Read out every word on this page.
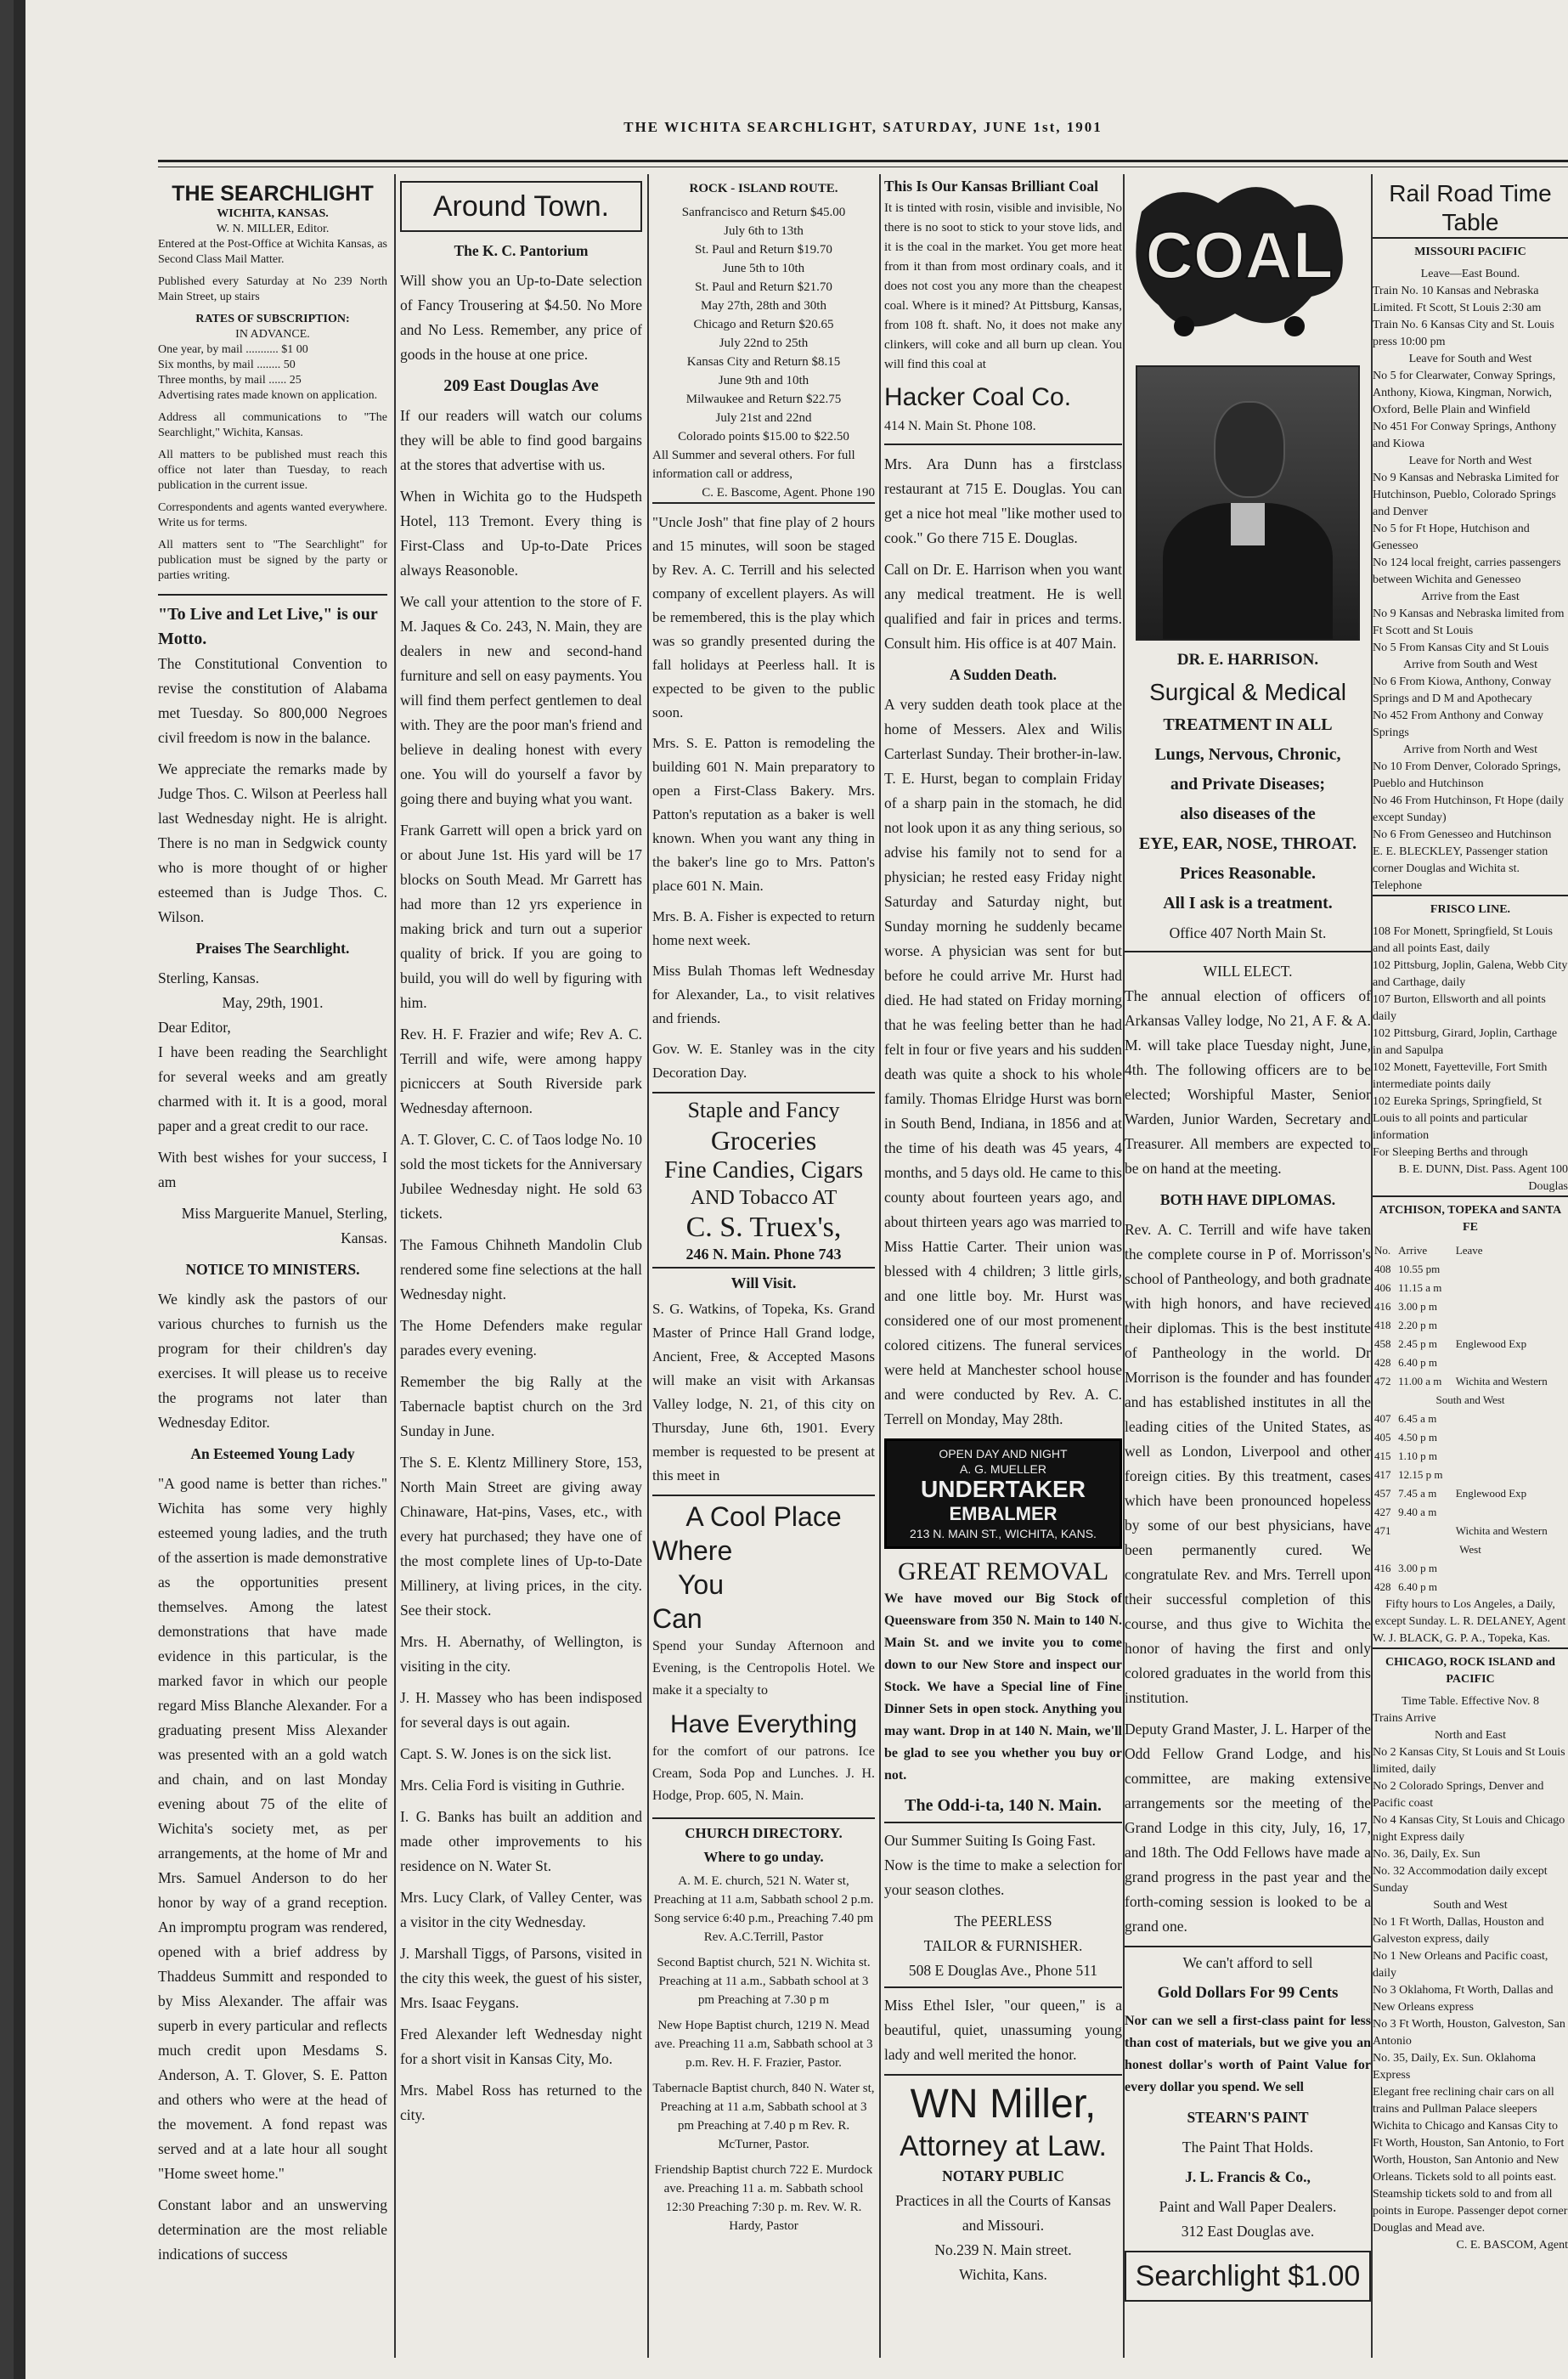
THE WICHITA SEARCHLIGHT, SATURDAY, JUNE 1st, 1901
THE SEARCHLIGHT
WICHITA, KANSAS.
W. N. MILLER, Editor.

Entered at the Post-Office at Wichita Kansas, as Second Class Mail Matter.

Published every Saturday at No 239 North Main Street, up stairs

RATES OF SUBSCRIPTION:
IN ADVANCE.
One year, by mail ........... $1 00
Six months, by mail ........ 50
Three months, by mail ...... 25

Advertising rates made known on application.

Address all communications to "The Searchlight," Wichita, Kansas.

All matters to be published must reach this office not later than Tuesday, to reach publication in the current issue.

Correspondents and agents wanted everywhere. Write us for terms.

All matters sent to "The Searchlight" for publication must be signed by the party or parties writing.

"To Live and Let Live," is our Motto.

The Constitutional Convention to revise the constitution of Alabama met Tuesday. So 800,000 Negroes civil freedom is now in the balance.

We appreciate the remarks made by Judge Thos. C. Wilson at Peerless hall last Wednesday night. He is alright. There is no man in Sedgwick county who is more thought of or higher esteemed than is Judge Thos. C. Wilson.

Praises The Searchlight.
Sterling, Kansas.
May, 29th, 1901.
Dear Editor,

I have been reading the Searchlight for several weeks and am greatly charmed with it. It is a good, moral paper and a great credit to our race.

With best wishes for your success, I am

Miss Marguerite Manuel, Sterling, Kansas.

NOTICE TO MINISTERS.

We kindly ask the pastors of our various churches to furnish us the program for their children's day exercises. It will please us to receive the programs not later than Wednesday Editor.

An Esteemed Young Lady

"A good name is better than riches." Wichita has some very highly esteemed young ladies, and the truth of the assertion is made demonstrative as the opportunities present themselves. Among the latest demonstrations that have made evidence in this particular, is the marked favor in which our people regard Miss Blanche Alexander. For a graduating present Miss Alexander was presented with an a gold watch and chain, and on last Monday evening about 75 of the elite of Wichita's society met, as per arrangements, at the home of Mr and Mrs. Samuel Anderson to do her honor by way of a grand reception. An impromptu program was rendered, opened with a brief address by Thaddeus Summitt and responded to by Miss Alexander. The affair was superb in every particular and reflects much credit upon Mesdams S. Anderson, A. T. Glover, S. E. Patton and others who were at the head of the movement. A fond repast was served and at a late hour all sought "Home sweet home."

Constant labor and an unswerving determination are the most reliable indications of success

Around Town.
The K. C. Pantorium

Will show you an Up-to-Date selection of Fancy Trousering at $4.50. No More and No Less. Remember, any price of goods in the house at one price.

209 East Douglas Ave

If our readers will watch our colums they will be able to find good bargains at the stores that advertise with us.

When in Wichita go to the Hudspeth Hotel, 113 Tremont. Every thing is First-Class and Up-to-Date Prices always Reasonoble.

We call your attention to the store of F. M. Jaques & Co. 243, N. Main, they are dealers in new and second-hand furniture and sell on easy payments. You will find them perfect gentlemen to deal with. They are the poor man's friend and believe in dealing honest with every one. You will do yourself a favor by going there and buying what you want.

Frank Garrett will open a brick yard on or about June 1st. His yard will be 17 blocks on South Mead. Mr Garrett has had more than 12 yrs experience in making brick and turn out a superior quality of brick. If you are going to build, you will do well by figuring with him.

Rev. H. F. Frazier and wife; Rev A. C. Terrill and wife, were among happy picniccers at South Riverside park Wednesday afternoon.

A. T. Glover, C. C. of Taos lodge No. 10 sold the most tickets for the Anniversary Jubilee Wednesday night. He sold 63 tickets.

The Famous Chihneth Mandolin Club rendered some fine selections at the hall Wednesday night.

The Home Defenders make regular parades every evening.

Remember the big Rally at the Tabernacle baptist church on the 3rd Sunday in June.

The S. E. Klentz Millinery Store, 153, North Main Street are giving away Chinaware, Hat-pins, Vases, etc., with every hat purchased; they have one of the most complete lines of Up-to-Date Millinery, at living prices, in the city. See their stock.

Mrs. H. Abernathy, of Wellington, is visiting in the city.

J. H. Massey who has been indisposed for several days is out again.

Capt. S. W. Jones is on the sick list.

Mrs. Celia Ford is visiting in Guthrie.

I. G. Banks has built an addition and made other improvements to his residence on N. Water St.

Mrs. Lucy Clark, of Valley Center, was a visitor in the city Wednesday.

J. Marshall Tiggs, of Parsons, visited in the city this week, the guest of his sister, Mrs. Isaac Feygans.

Fred Alexander left Wednesday night for a short visit in Kansas City, Mo.

Mrs. Mabel Ross has returned to the city.

ROCK - ISLAND ROUTE.
Sanfrancisco and Return $45.00
July 6th to 13th
St. Paul and Return $19.70
June 5th to 10th
St. Paul and Return $21.70
May 27th, 28th and 30th
Chicago and Return $20.65
July 22nd to 25th
Kansas City and Return $8.15
June 9th and 10th
Milwaukee and Return $22.75
July 21st and 22nd
Colorado points $15.00 to $22.50
All Summer and several others. For full information call or address,
C. E. Bascome, Agent. Phone 190

"Uncle Josh" that fine play of 2 hours and 15 minutes, will soon be staged by Rev. A. C. Terrill and his selected company of excellent players. As will be remembered, this is the play which was so grandly presented during the fall holidays at Peerless hall. It is expected to be given to the public soon.

Mrs. S. E. Patton is remodeling the building 601 N. Main preparatory to open a First-Class Bakery. Mrs. Patton's reputation as a baker is well known. When you want any thing in the baker's line go to Mrs. Patton's place 601 N. Main.

Mrs. B. A. Fisher is expected to return home next week.

Miss Bulah Thomas left Wednesday for Alexander, La., to visit relatives and friends.

Gov. W. E. Stanley was in the city Decoration Day.

Staple and Fancy
Groceries
Fine Candies, Cigars
AND Tobacco AT
C. S. Truex's,
246 N. Main. Phone 743
Will Visit.

S. G. Watkins, of Topeka, Ks. Grand Master of Prince Hall Grand lodge, Ancient, Free, & Accepted Masons will make an visit with Arkansas Valley lodge, N. 21, of this city on Thursday, June 6th, 1901. Every member is requested to be present at this meet in

A Cool Place
Where
You
Can

Spend your Sunday Afternoon and Evening, is the Centropolis Hotel. We make it a specialty to

Have Everything

for the comfort of our patrons. Ice Cream, Soda Pop and Lunches. J. H. Hodge, Prop. 605, N. Main.

CHURCH DIRECTORY.
Where to go unday.

A. M. E. church, 521 N. Water st, Preaching at 11 a.m, Sabbath school 2 p.m. Song service 6:40 p.m., Preaching 7.40 pm Rev. A.C.Terrill, Pastor

Second Baptist church, 521 N. Wichita st. Preaching at 11 a.m., Sabbath school at 3 pm Preaching at 7.30 p m

New Hope Baptist church, 1219 N. Mead ave. Preaching 11 a.m, Sabbath school at 3 p.m. Rev. H. F. Frazier, Pastor.

Tabernacle Baptist church, 840 N. Water st, Preaching at 11 a.m, Sabbath school at 3 pm Preaching at 7.40 p m Rev. R. McTurner, Pastor.

Friendship Baptist church 722 E. Murdock ave. Preaching 11 a. m. Sabbath school 12:30 Preaching 7:30 p. m. Rev. W. R. Hardy, Pastor

This Is Our Kansas Brilliant Coal

It is tinted with rosin, visible and invisible, No there is no soot to stick to your stove lids, and it is the coal in the market. You get more heat from it than from most ordinary coals, and it does not cost you any more than the cheapest coal. Where is it mined? At Pittsburg, Kansas, from 108 ft. shaft. No, it does not make any clinkers, will coke and all burn up clean. You will find this coal at

Hacker Coal Co.
414 N. Main St. Phone 108.

Mrs. Ara Dunn has a firstclass restaurant at 715 E. Douglas. You can get a nice hot meal "like mother used to cook." Go there 715 E. Douglas.

Call on Dr. E. Harrison when you want any medical treatment. He is well qualified and fair in prices and terms. Consult him. His office is at 407 Main.

A Sudden Death.

A very sudden death took place at the home of Messers. Alex and Wilis Carterlast Sunday. Their brother-in-law. T. E. Hurst, began to complain Friday of a sharp pain in the stomach, he did not look upon it as any thing serious, so advise his family not to send for a physician; he rested easy Friday night Saturday and Saturday night, but Sunday morning he suddenly became worse. A physician was sent for but before he could arrive Mr. Hurst had died. He had stated on Friday morning that he was feeling better than he had felt in four or five years and his sudden death was quite a shock to his whole family. Thomas Elridge Hurst was born in South Bend, Indiana, in 1856 and at the time of his death was 45 years, 4 months, and 5 days old. He came to this county about fourteen years ago, and about thirteen years ago was married to Miss Hattie Carter. Their union was blessed with 4 children; 3 little girls, and one little boy. Mr. Hurst was considered one of our most promenent colored citizens. The funeral services were held at Manchester school house and were conducted by Rev. A. C. Terrell on Monday, May 28th.

OPEN DAY AND NIGHT
A. G. MUELLER
UNDERTAKER
EMBALMER
213 N. MAIN ST., WICHITA, KANS.
GREAT REMOVAL

We have moved our Big Stock of Queensware from 350 N. Main to 140 N. Main St. and we invite you to come down to our New Store and inspect our Stock. We have a Special line of Fine Dinner Sets in open stock. Anything you may want. Drop in at 140 N. Main, we'll be glad to see you whether you buy or not.

The Odd-i-ta, 140 N. Main.
Our Summer Suiting Is Going Fast.

Now is the time to make a selection for your season clothes.

The PEERLESS
TAILOR & FURNISHER.
508 E Douglas Ave., Phone 511

Miss Ethel Isler, "our queen," is a beautiful, quiet, unassuming young lady and well merited the honor.

WN Miller,
Attorney at Law.
NOTARY PUBLIC
Practices in all the Courts of Kansas and Missouri.
No.239 N. Main street.
Wichita, Kans.
COAL
DR. E. HARRISON.
Surgical & Medical
TREATMENT IN ALL
Lungs, Nervous, Chronic,
and Private Diseases;
also diseases of the
EYE, EAR, NOSE, THROAT.
Prices Reasonable.
All I ask is a treatment.
Office 407 North Main St.
WILL ELECT.

The annual election of officers of Arkansas Valley lodge, No 21, A F. & A. M. will take place Tuesday night, June, 4th. The following officers are to be elected; Worshipful Master, Senior Warden, Junior Warden, Secretary and Treasurer. All members are expected to be on hand at the meeting.

BOTH HAVE DIPLOMAS.

Rev. A. C. Terrill and wife have taken the complete course in P of. Morrisson's school of Pantheology, and both gradnate with high honors, and have recieved their diplomas. This is the best institute of Pantheology in the world. Dr Morrison is the founder and has founder and has established institutes in all the leading cities of the United States, as well as London, Liverpool and other foreign cities. By this treatment, cases which have been pronounced hopeless by some of our best physicians, have been permanently cured. We congratulate Rev. and Mrs. Terrell upon their successful completion of this course, and thus give to Wichita the honor of having the first and only colored graduates in the world from this institution.

Deputy Grand Master, J. L. Harper of the Odd Fellow Grand Lodge, and his committee, are making extensive arrangements sor the meeting of the Grand Lodge in this city, July, 16, 17, and 18th. The Odd Fellows have made a grand progress in the past year and the forth-coming session is looked to be a grand one.

We can't afford to sell
Gold Dollars For 99 Cents

Nor can we sell a first-class paint for less than cost of materials, but we give you an honest dollar's worth of Paint Value for every dollar you spend. We sell

STEARN'S PAINT
The Paint That Holds.
J. L. Francis & Co.,
Paint and Wall Paper Dealers.
312 East Douglas ave.
Searchlight $1.00
Rail Road Time Table
MISSOURI PACIFIC
Leave—East Bound.
Train No. 10 Kansas and Nebraska Limited. Ft Scott, St Louis 2:30 am
Train No. 6 Kansas City and St. Louis press 10:00 pm
Leave for South and West
No 5 for Clearwater, Conway Springs, Anthony, Kiowa, Kingman, Norwich, Oxford, Belle Plain and Winfield
No 451 For Conway Springs, Anthony and Kiowa
Leave for North and West
No 9 Kansas and Nebraska Limited for Hutchinson, Pueblo, Colorado Springs and Denver
No 5 for Ft Hope, Hutchison and Genesseo
No 124 local freight, carries passengers between Wichita and Genesseo
Arrive from the East
No 9 Kansas and Nebraska limited from Ft Scott and St Louis
No 5 From Kansas City and St Louis
Arrive from South and West
No 6 From Kiowa, Anthony, Conway Springs and D M and Apothecary
No 452 From Anthony and Conway Springs
Arrive from North and West
No 10 From Denver, Colorado Springs, Pueblo and Hutchinson
No 46 From Hutchinson, Ft Hope (daily except Sunday)
No 6 From Genesseo and Hutchinson
E. E. BLECKLEY, Passenger station corner Douglas and Wichita st. Telephone
FRISCO LINE.
108 For Monett, Springfield, St Louis and all points East, daily
102 Pittsburg, Joplin, Galena, Webb City and Carthage, daily
107 Burton, Ellsworth and all points daily
102 Pittsburg, Girard, Joplin, Carthage in and Sapulpa
102 Monett, Fayetteville, Fort Smith intermediate points daily
102 Eureka Springs, Springfield, St Louis to all points and particular information
For Sleeping Berths and through
B. E. DUNN, Dist. Pass. Agent 100 Douglas
ATCHISON, TOPEKA and SANTA FE
No.	Arrive	Leave
408	10.55 pm	
406	11.15 a m	
416	3.00 p m	
418	2.20 p m	
458	2.45 p m	Englewood Exp
428	6.40 p m	
472	11.00 a m	Wichita and Western
South and West		
407	6.45 a m	
405	4.50 p m	
415	1.10 p m	
417	12.15 p m	
457	7.45 a m	Englewood Exp
427	9.40 a m	
471		Wichita and Western
West		
416	3.00 p m	
428	6.40 p m	
Fifty hours to Los Angeles, a Daily, except Sunday. L. R. DELANEY, Agent
W. J. BLACK, G. P. A., Topeka, Kas.
CHICAGO, ROCK ISLAND and PACIFIC
Time Table. Effective Nov. 8
Trains Arrive
North and East
No 2 Kansas City, St Louis and St Louis limited, daily
No 2 Colorado Springs, Denver and Pacific coast
No 4 Kansas City, St Louis and Chicago night Express daily
No. 36, Daily, Ex. Sun
No. 32 Accommodation daily except Sunday
South and West
No 1 Ft Worth, Dallas, Houston and Galveston express, daily
No 1 New Orleans and Pacific coast, daily
No 3 Oklahoma, Ft Worth, Dallas and New Orleans express
No 3 Ft Worth, Houston, Galveston, San Antonio
No. 35, Daily, Ex. Sun. Oklahoma Express
Elegant free reclining chair cars on all trains and Pullman Palace sleepers Wichita to Chicago and Kansas City to Ft Worth, Houston, San Antonio, to Fort Worth, Houston, San Antonio and New Orleans. Tickets sold to all points east. Steamship tickets sold to and from all points in Europe. Passenger depot corner Douglas and Mead ave.
C. E. BASCOM, Agent
